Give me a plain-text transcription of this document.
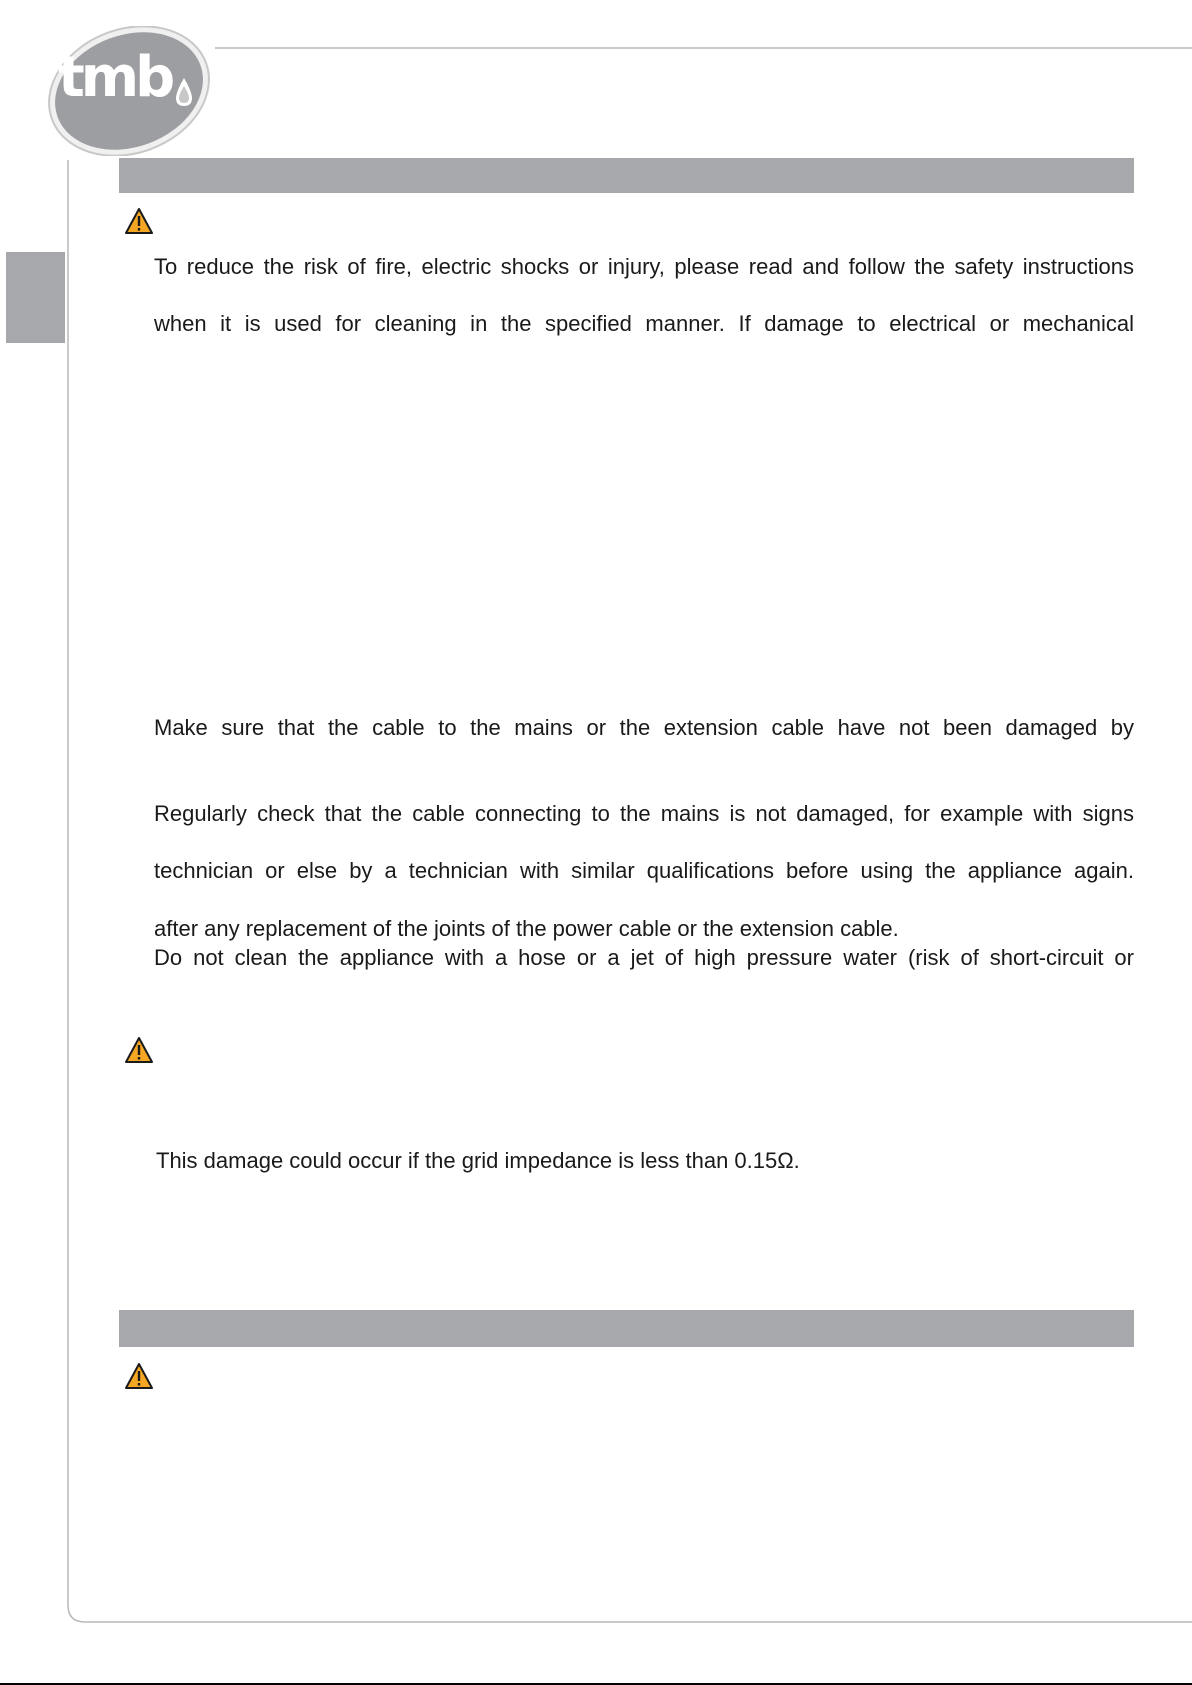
tmb
To reduce the risk of fire, electric shocks or injury, please read and follow the safety instructions
when it is used for cleaning in the specified manner. If damage to electrical or mechanical
Make sure that the cable to the mains or the extension cable have not been damaged by
Regularly check that the cable connecting to the mains is not damaged, for example with signs
technician or else by a technician with similar qualifications before using the appliance again.
after any replacement of the joints of the power cable or the extension cable.
Do not clean the appliance with a hose or a jet of high pressure water (risk of short-circuit or
This damage could occur if the grid impedance is less than 0.15Ω.
